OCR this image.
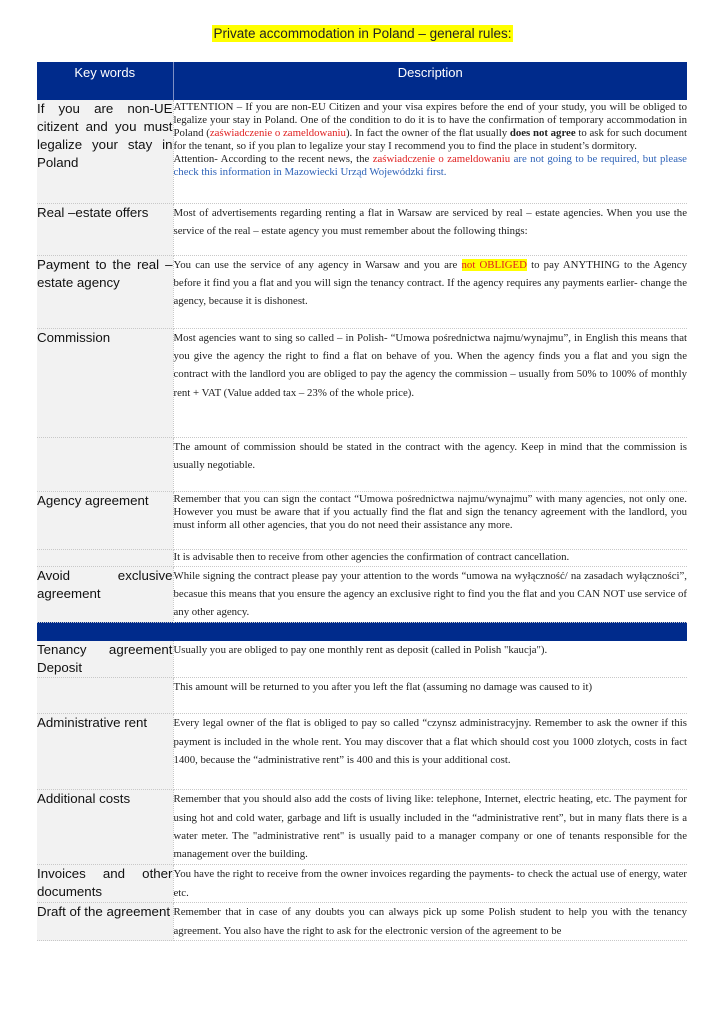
Private accommodation in Poland – general rules:
Key words	Description
If you are non-UE citizent and you must legalize your stay in Poland	ATTENTION – If you are non-EU Citizen and your visa expires before the end of your study, you will be obliged to legalize your stay in Poland. One of the condition to do it is to have the confirmation of temporary accommodation in Poland (zaświadczenie o zameldowaniu). In fact the owner of the flat usually does not agree to ask for such document for the tenant, so if you plan to legalize your stay I recommend you to find the place in student’s dormitory.
Attention- According to the recent news, the zaświadczenie o zameldowaniu are not going to be required, but please check this information in Mazowiecki Urząd Wojewódzki first.
Real –estate offers	Most of advertisements regarding renting a flat in Warsaw are serviced by real – estate agencies. When you use the service of the real – estate agency you must remember about the following things:
Payment to the real –estate agency	You can use the service of any agency in Warsaw and you are not OBLIGED to pay ANYTHING to the Agency before it find you a flat and you will sign the tenancy contract. If the agency requires any payments earlier- change the agency, because it is dishonest.
Commission	Most agencies want to sing so called – in Polish- “Umowa pośrednictwa najmu/wynajmu”, in English this means that you give the agency the right to find a flat on behave of you. When the agency finds you a flat and you sign the contract with the landlord you are obliged to pay the agency the commission – usually from 50% to 100% of monthly rent + VAT (Value added tax – 23% of the whole price).
	The amount of commission should be stated in the contract with the agency. Keep in mind that the commission is usually negotiable.
Agency agreement	Remember that you can sign the contact “Umowa pośrednictwa najmu/wynajmu” with many agencies, not only one. However you must be aware that if you actually find the flat and sign the tenancy agreement with the landlord, you must inform all other agencies, that you do not need their assistance any more.
	It is advisable then to receive from other agencies the confirmation of contract cancellation.
Avoid exclusive agreement	While signing the contract please pay your attention to the words “umowa na wyłączność/ na zasadach wyłączności”, becasue this means that you ensure the agency an exclusive right to find you the flat and you CAN NOT use service of any other agency.

Tenancy agreement Deposit	Usually you are obliged to pay one monthly rent as deposit (called in Polish "kaucja").
	This amount will be returned to you after you left the flat (assuming no damage was caused to it)
Administrative rent	Every legal owner of the flat is obliged to pay so called “czynsz administracyjny. Remember to ask the owner if this payment is included in the whole rent. You may discover that a flat which should cost you 1000 zlotych, costs in fact 1400, because the “administrative rent” is 400 and this is your additional cost.
Additional costs	Remember that you should also add the costs of living like: telephone, Internet, electric heating, etc. The payment for using hot and cold water, garbage and lift is usually included in the “administrative rent”, but in many flats there is a water meter. The "administrative rent" is usually paid to a manager company or one of tenants responsible for the management over the building.
Invoices and other documents	You have the right to receive from the owner invoices regarding the payments- to check the actual use of energy, water etc.
Draft of the agreement	Remember that in case of any doubts you can always pick up some Polish student to help you with the tenancy agreement. You also have the right to ask for the electronic version of the agreement to be
